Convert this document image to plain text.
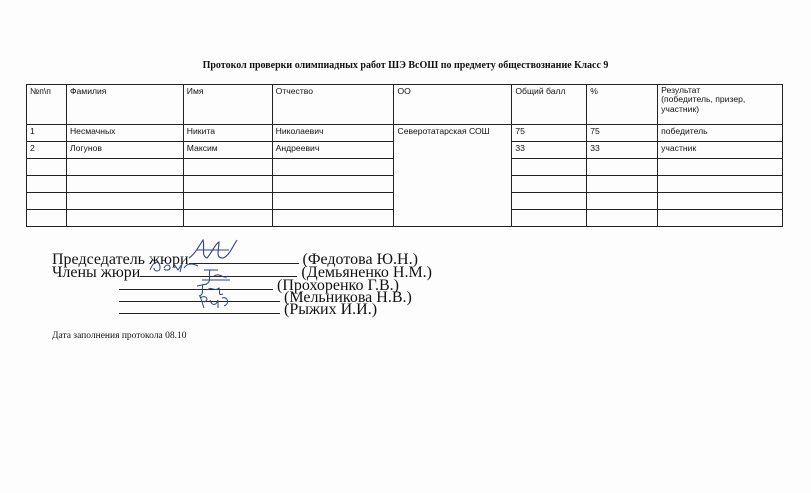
Протокол проверки олимпиадных работ ШЭ ВсОШ по предмету обществознание Класс 9
№п\п	Фамилия	Имя	Отчество	ОО	Общий балл	%	Результат
(победитель, призер,
участник)
1	Несмачных	Никита	Николаевич	Северотатарская СОШ	75	75	победитель
2	Логунов	Максим	Андреевич		33	33	участник

Председатель жюри	(Федотова Ю.Н.)
Члены жюри	(Демьяненко Н.М.)
(Прохоренко Г.В.)
(Мельникова Н.В.)
(Рыжих И.И.)
Дата заполнения протокола 08.10
